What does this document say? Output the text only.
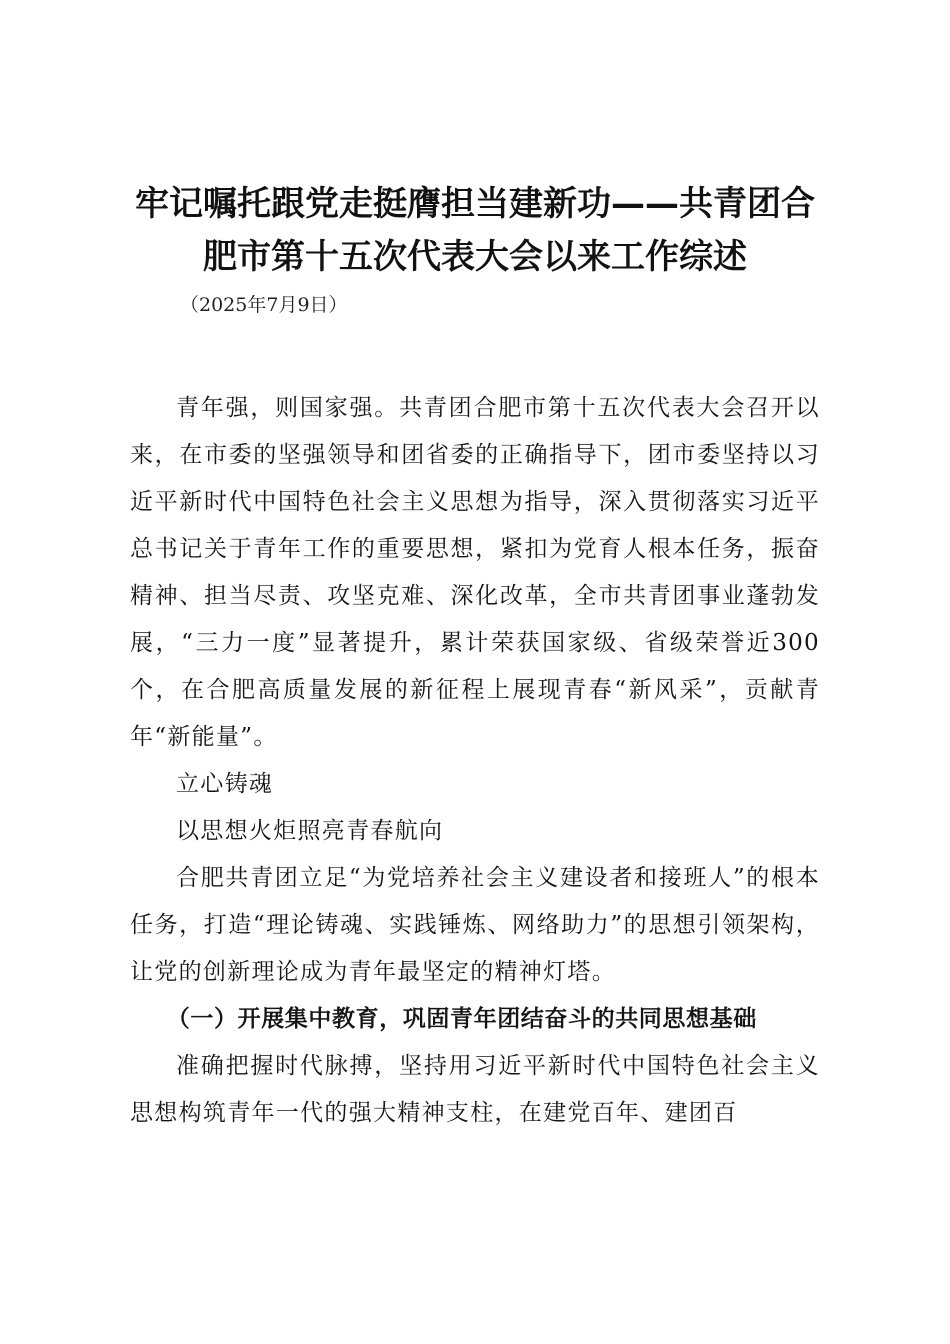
牢记嘱托跟党走挺膺担当建新功——共青团合
肥市第十五次代表大会以来工作综述
（2025年7月9日）

青年强，则国家强。共青团合肥市第十五次代表大会召开以来，在市委的坚强领导和团省委的正确指导下，团市委坚持以习近平新时代中国特色社会主义思想为指导，深入贯彻落实习近平总书记关于青年工作的重要思想，紧扣为党育人根本任务，振奋精神、担当尽责、攻坚克难、深化改革，全市共青团事业蓬勃发展，“三力一度”显著提升，累计荣获国家级、省级荣誉近300个，在合肥高质量发展的新征程上展现青春“新风采”，贡献青年“新能量”。

立心铸魂

以思想火炬照亮青春航向

合肥共青团立足“为党培养社会主义建设者和接班人”的根本任务，打造“理论铸魂、实践锤炼、网络助力”的思想引领架构，让党的创新理论成为青年最坚定的精神灯塔。

（一）开展集中教育，巩固青年团结奋斗的共同思想基础

准确把握时代脉搏，坚持用习近平新时代中国特色社会主义思想构筑青年一代的强大精神支柱，在建党百年、建团百
